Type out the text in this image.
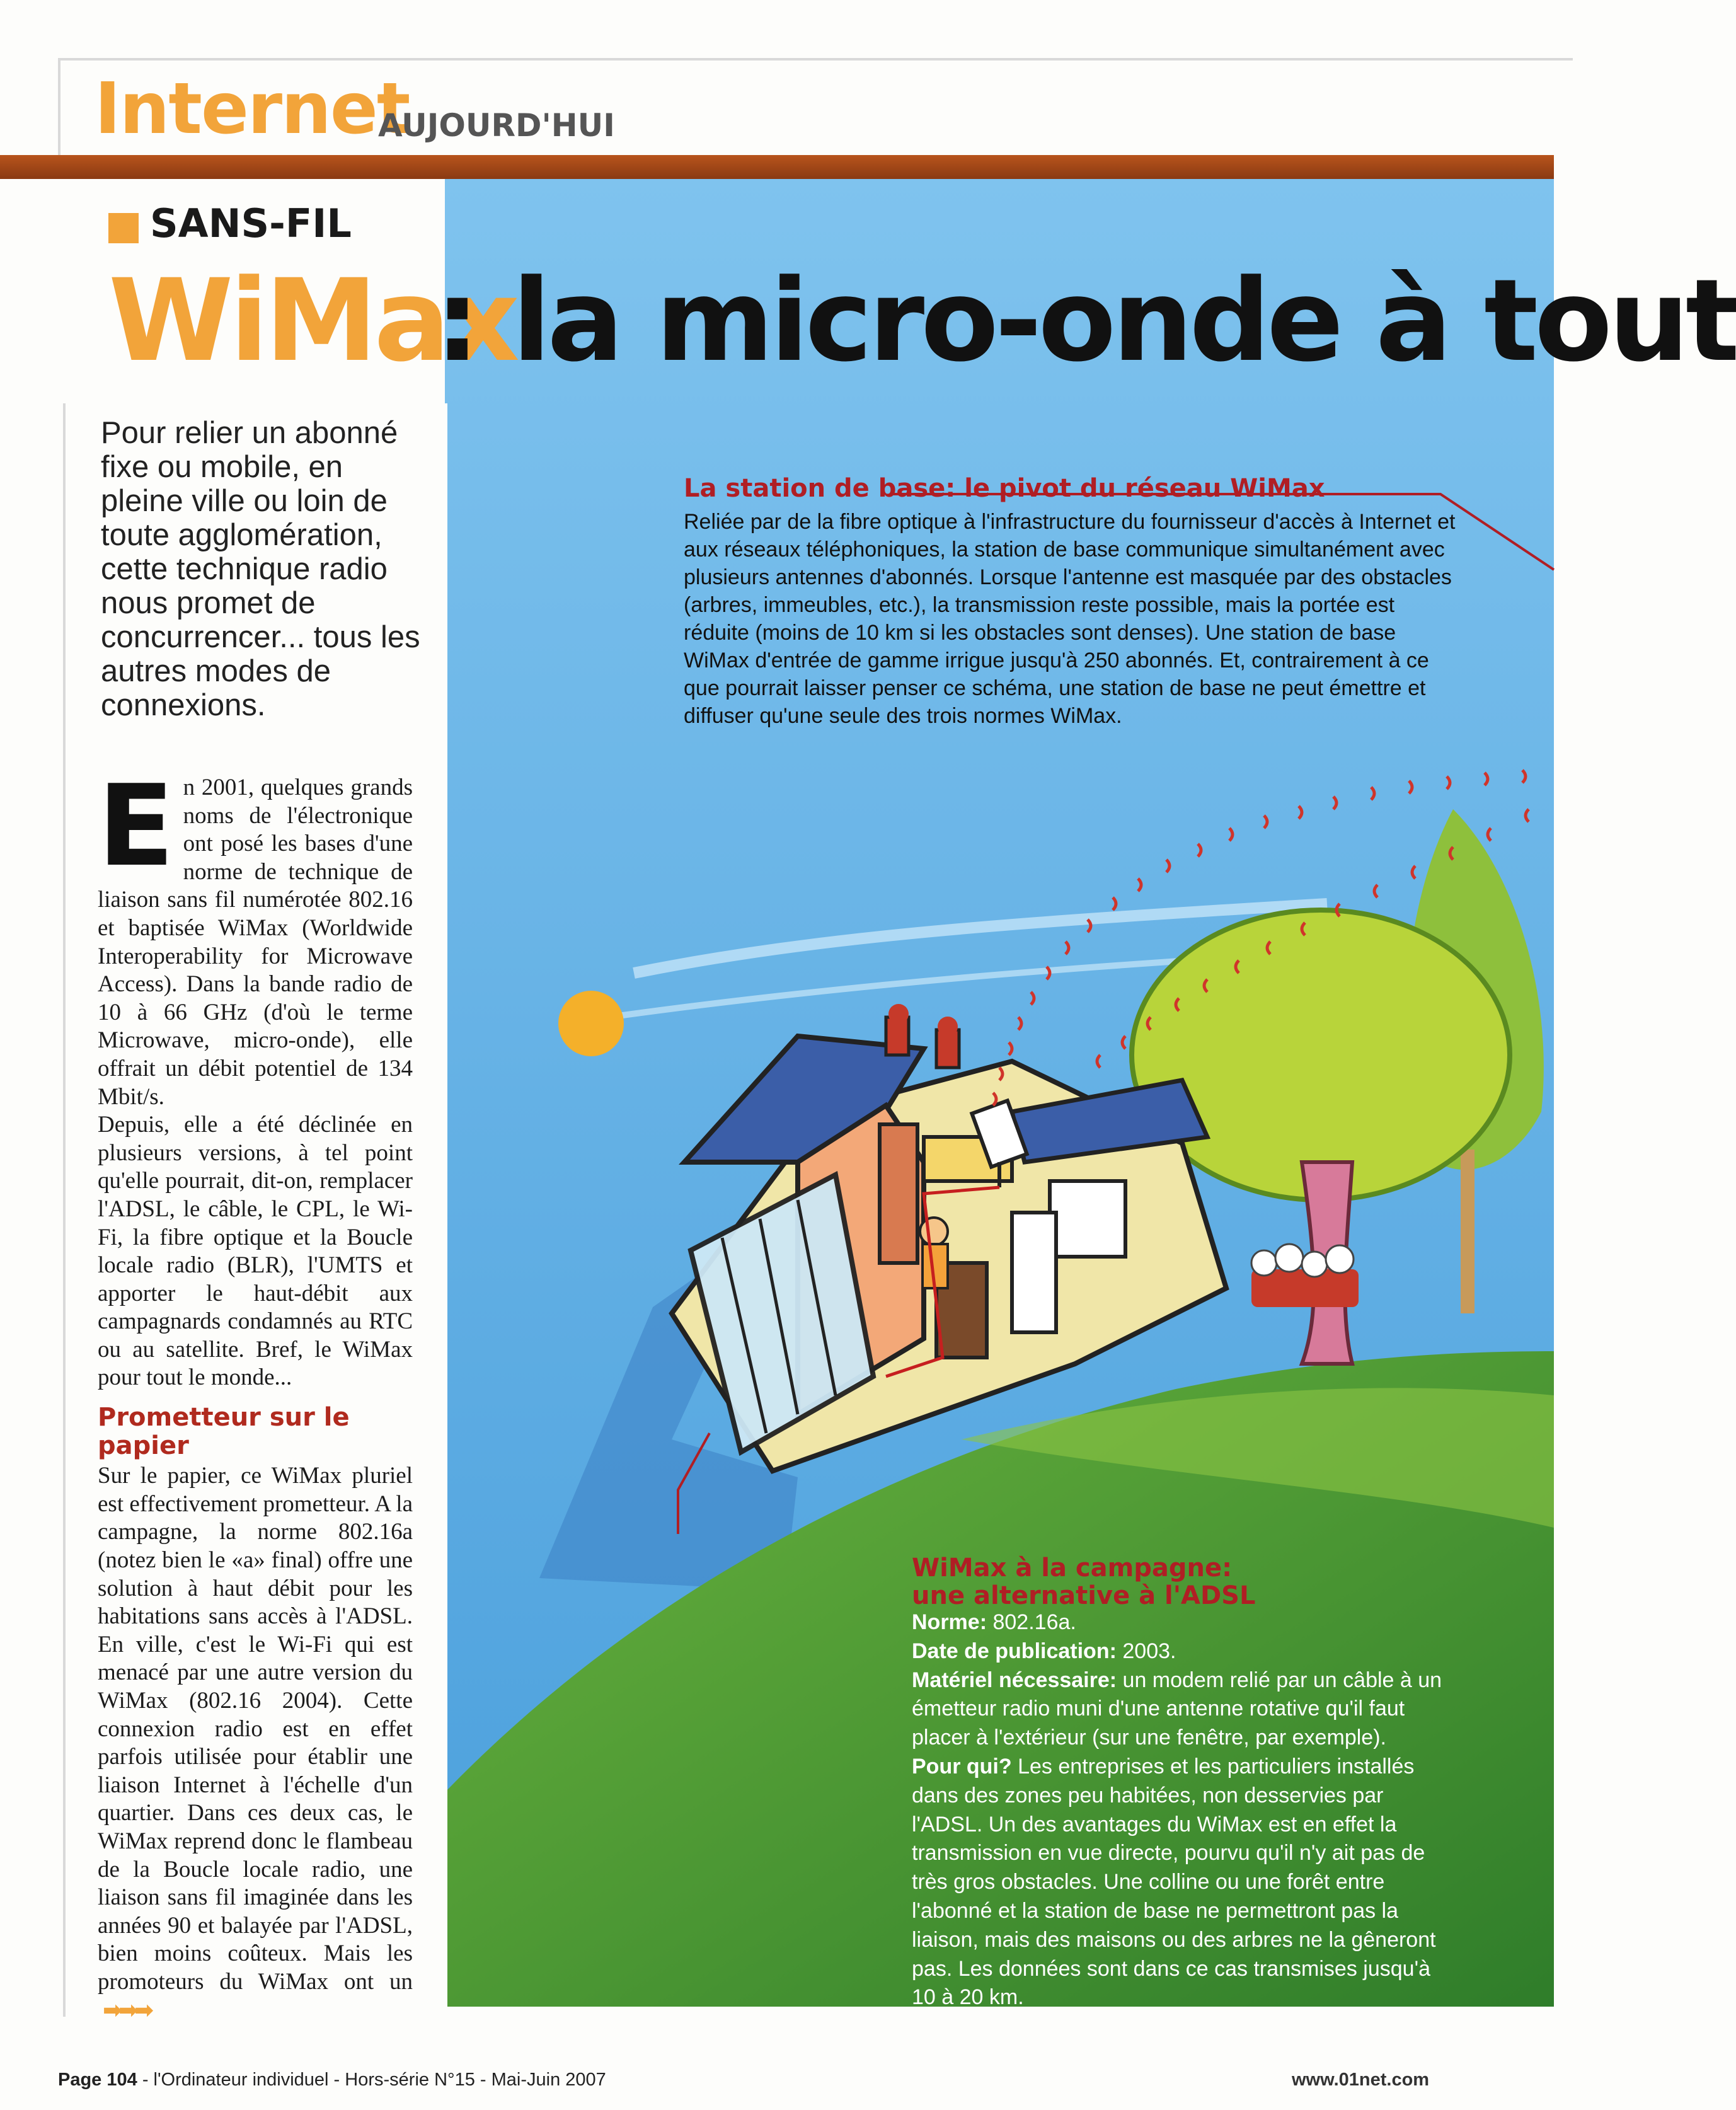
Internet
AUJOURD'HUI
SANS-FIL
WiMax
: la micro-onde à tout
Pour relier un abonné fixe ou mobile, en pleine ville ou loin de toute agglomération, cette technique radio nous promet de concurrencer... tous les autres modes de connexions.
E n 2001, quelques grands noms de l'électronique ont posé les bases d'une norme de technique de liaison sans fil numérotée 802.16 et baptisée WiMax (Worldwide Interoperability for Microwave Access). Dans la bande radio de 10 à 66 GHz (d'où le terme Microwave, micro-onde), elle offrait un débit potentiel de 134 Mbit/s.
Depuis, elle a été déclinée en plusieurs versions, à tel point qu'elle pourrait, dit-on, remplacer l'ADSL, le câble, le CPL, le Wi-Fi, la fibre optique et la Boucle locale radio (BLR), l'UMTS et apporter le haut-débit aux campagnards condamnés au RTC ou au satellite. Bref, le WiMax pour tout le monde...
Prometteur sur le papier
Sur le papier, ce WiMax pluriel est effectivement prometteur. A la campagne, la norme 802.16a (notez bien le «a» final) offre une solution à haut débit pour les habitations sans accès à l'ADSL. En ville, c'est le Wi-Fi qui est menacé par une autre version du WiMax (802.16 2004). Cette connexion radio est en effet parfois utilisée pour établir une liaison Internet à l'échelle d'un quartier. Dans ces deux cas, le WiMax reprend donc le flambeau de la Boucle locale radio, une liaison sans fil imaginée dans les années 90 et balayée par l'ADSL, bien moins coûteux. Mais les promoteurs du WiMax ont un➡➡➡
La station de base: le pivot du réseau WiMax
Reliée par de la fibre optique à l'infrastructure du fournisseur d'accès à Internet et aux réseaux téléphoniques, la station de base communique simultanément avec plusieurs antennes d'abonnés. Lorsque l'antenne est masquée par des obstacles (arbres, immeubles, etc.), la transmission reste possible, mais la portée est réduite (moins de 10 km si les obstacles sont denses). Une station de base WiMax d'entrée de gamme irrigue jusqu'à 250 abonnés. Et, contrairement à ce que pourrait laisser penser ce schéma, une station de base ne peut émettre et diffuser qu'une seule des trois normes WiMax.
WiMax à la campagne: une alternative à l'ADSL
Norme: 802.16a.
Date de publication: 2003.
Matériel nécessaire: un modem relié par un câble à un émetteur radio muni d'une antenne rotative qu'il faut placer à l'extérieur (sur une fenêtre, par exemple).
Pour qui? Les entreprises et les particuliers installés dans des zones peu habitées, non desservies par l'ADSL. Un des avantages du WiMax est en effet la transmission en vue directe, pourvu qu'il n'y ait pas de très gros obstacles. Une colline ou une forêt entre l'abonné et la station de base ne permettront pas la liaison, mais des maisons ou des arbres ne la gêneront pas. Les données sont dans ce cas transmises jusqu'à 10 à 20 km.
Page 104 - l'Ordinateur individuel - Hors-série N°15 - Mai-Juin 2007	www.01net.com
